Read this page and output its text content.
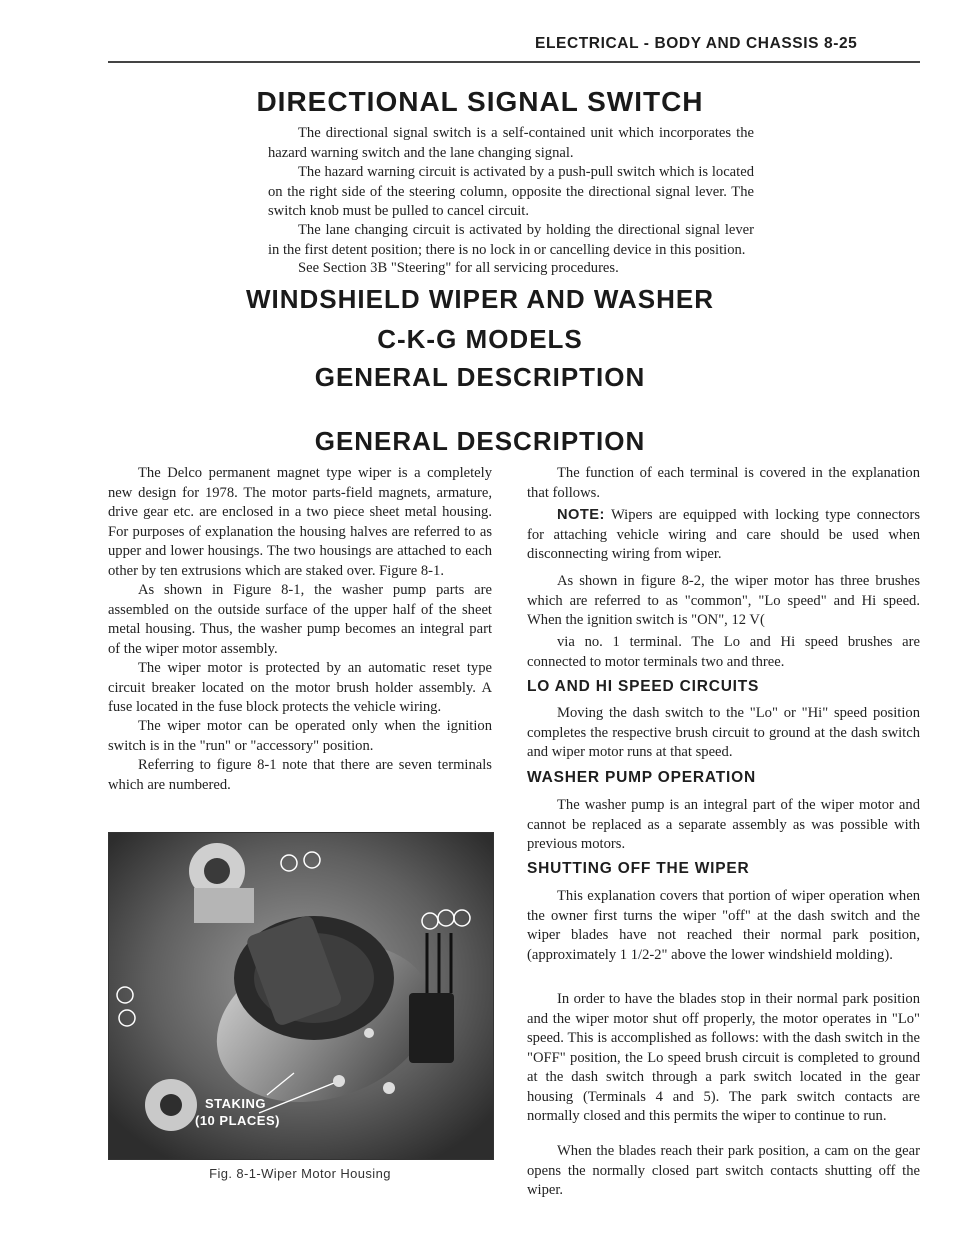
ELECTRICAL - BODY AND CHASSIS 8-25
DIRECTIONAL SIGNAL SWITCH

The directional signal switch is a self-contained unit which incorporates the hazard warning switch and the lane changing signal.

The hazard warning circuit is activated by a push-pull switch which is located on the right side of the steering column, opposite the directional signal lever. The switch knob must be pulled to cancel circuit.

The lane changing circuit is activated by holding the directional signal lever in the first detent position; there is no lock in or cancelling device in this position.

See Section 3B "Steering" for all servicing procedures.

WINDSHIELD WIPER AND WASHER
C-K-G MODELS
GENERAL DESCRIPTION
GENERAL DESCRIPTION

The Delco permanent magnet type wiper is a completely new design for 1978. The motor parts-field magnets, armature, drive gear etc. are enclosed in a two piece sheet metal housing. For purposes of explanation the housing halves are referred to as upper and lower housings. The two housings are attached to each other by ten extrusions which are staked over. Figure 8-1.

As shown in Figure 8-1, the washer pump parts are assembled on the outside surface of the upper half of the sheet metal housing. Thus, the washer pump becomes an integral part of the wiper motor assembly.

The wiper motor is protected by an automatic reset type circuit breaker located on the motor brush holder assembly. A fuse located in the fuse block protects the vehicle wiring.

The wiper motor can be operated only when the ignition switch is in the "run" or "accessory" position.

Referring to figure 8-1 note that there are seven terminals which are numbered.

STAKING
(10 PLACES)
Fig. 8-1-Wiper Motor Housing

The function of each terminal is covered in the explanation that follows.

NOTE: Wipers are equipped with locking type connectors for attaching vehicle wiring and care should be used when disconnecting wiring from wiper.

As shown in figure 8-2, the wiper motor has three brushes which are referred to as "common", "Lo speed" and Hi speed. When the ignition switch is "ON", 12 V(

via no. 1 terminal. The Lo and Hi speed brushes are connected to motor terminals two and three.

LO AND HI SPEED CIRCUITS

Moving the dash switch to the "Lo" or "Hi" speed position completes the respective brush circuit to ground at the dash switch and wiper motor runs at that speed.

WASHER PUMP OPERATION

The washer pump is an integral part of the wiper motor and cannot be replaced as a separate assembly as was possible with previous motors.

SHUTTING OFF THE WIPER

This explanation covers that portion of wiper operation when the owner first turns the wiper "off" at the dash switch and the wiper blades have not reached their normal park position, (approximately 1 1/2-2" above the lower windshield molding).

In order to have the blades stop in their normal park position and the wiper motor shut off properly, the motor operates in "Lo" speed. This is accomplished as follows: with the dash switch in the "OFF" position, the Lo speed brush circuit is completed to ground at the dash switch through a park switch located in the gear housing (Terminals 4 and 5). The park switch contacts are normally closed and this permits the wiper to continue to run.

When the blades reach their park position, a cam on the gear opens the normally closed part switch contacts shutting off the wiper.
